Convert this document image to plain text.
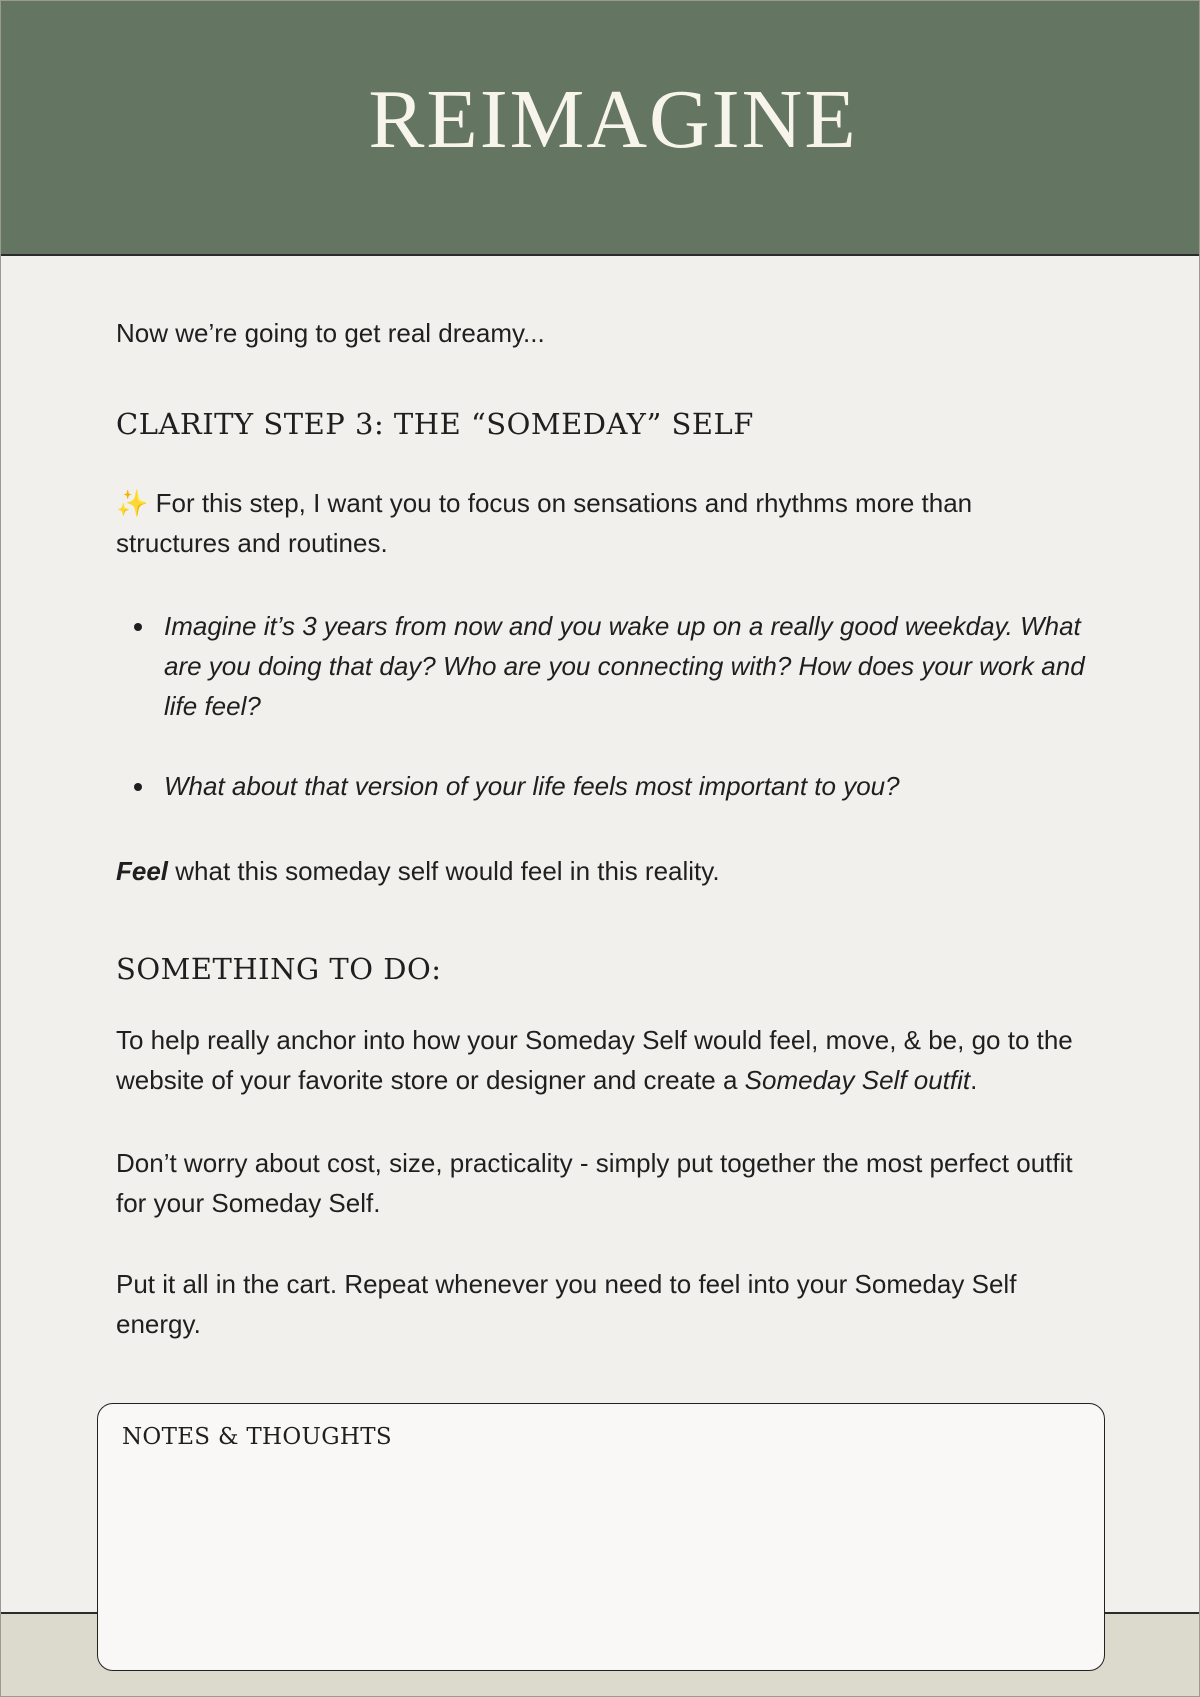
REIMAGINE

Now we’re going to get real dreamy...

CLARITY STEP 3: THE “SOMEDAY” SELF

✨ For this step, I want you to focus on sensations and rhythms more than structures and routines.

Imagine it’s 3 years from now and you wake up on a really good weekday. What are you doing that day? Who are you connecting with? How does your work and life feel?
What about that version of your life feels most important to you?

Feel what this someday self would feel in this reality.

SOMETHING TO DO:

To help really anchor into how your Someday Self would feel, move, & be, go to the website of your favorite store or designer and create a Someday Self outfit.

Don’t worry about cost, size, practicality - simply put together the most perfect outfit for your Someday Self.

Put it all in the cart. Repeat whenever you need to feel into your Someday Self energy.

NOTES & THOUGHTS
